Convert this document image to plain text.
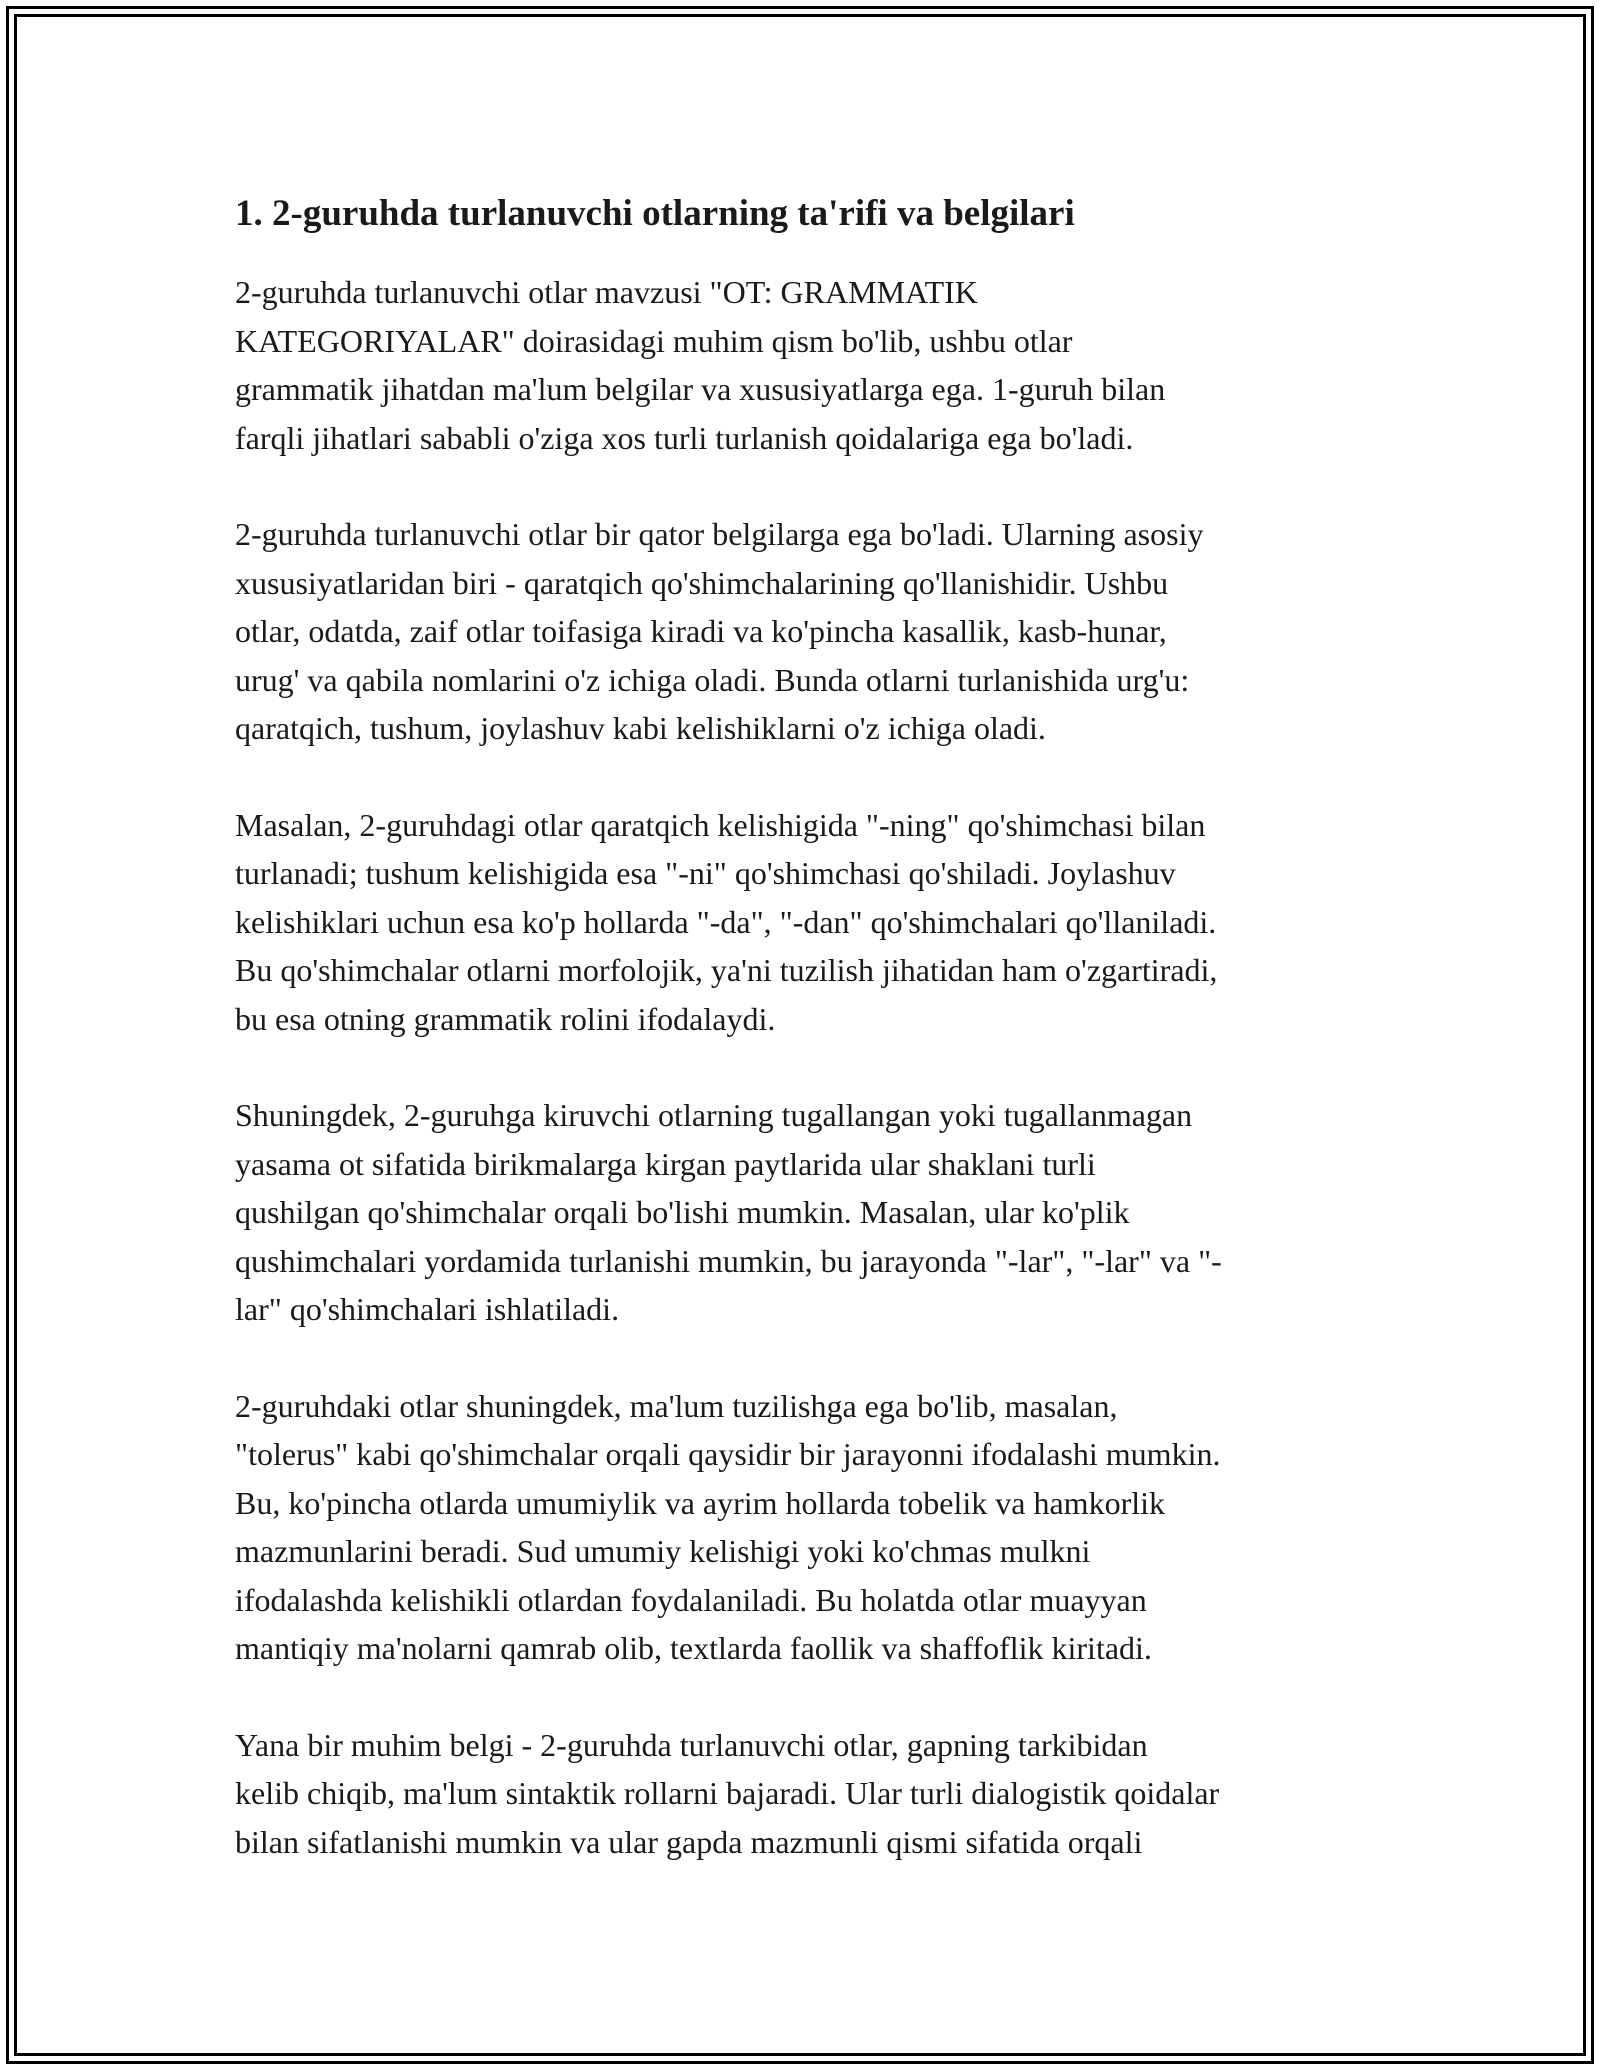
1. 2-guruhda turlanuvchi otlarning ta'rifi va belgilari

2-guruhda turlanuvchi otlar mavzusi "OT: GRAMMATIK
KATEGORIYALAR" doirasidagi muhim qism bo'lib, ushbu otlar
grammatik jihatdan ma'lum belgilar va xususiyatlarga ega. 1-guruh bilan
farqli jihatlari sababli o'ziga xos turli turlanish qoidalariga ega bo'ladi.

2-guruhda turlanuvchi otlar bir qator belgilarga ega bo'ladi. Ularning asosiy
xususiyatlaridan biri - qaratqich qo'shimchalarining qo'llanishidir. Ushbu
otlar, odatda, zaif otlar toifasiga kiradi va ko'pincha kasallik, kasb-hunar,
urug' va qabila nomlarini o'z ichiga oladi. Bunda otlarni turlanishida urg'u:
qaratqich, tushum, joylashuv kabi kelishiklarni o'z ichiga oladi.

Masalan, 2-guruhdagi otlar qaratqich kelishigida "-ning" qo'shimchasi bilan
turlanadi; tushum kelishigida esa "-ni" qo'shimchasi qo'shiladi. Joylashuv
kelishiklari uchun esa ko'p hollarda "-da", "-dan" qo'shimchalari qo'llaniladi.
Bu qo'shimchalar otlarni morfolojik, ya'ni tuzilish jihatidan ham o'zgartiradi,
bu esa otning grammatik rolini ifodalaydi.

Shuningdek, 2-guruhga kiruvchi otlarning tugallangan yoki tugallanmagan
yasama ot sifatida birikmalarga kirgan paytlarida ular shaklani turli
qushilgan qo'shimchalar orqali bo'lishi mumkin. Masalan, ular ko'plik
qushimchalari yordamida turlanishi mumkin, bu jarayonda "-lar", "-lar" va "-
lar" qo'shimchalari ishlatiladi.

2-guruhdaki otlar shuningdek, ma'lum tuzilishga ega bo'lib, masalan,
"tolerus" kabi qo'shimchalar orqali qaysidir bir jarayonni ifodalashi mumkin.
Bu, ko'pincha otlarda umumiylik va ayrim hollarda tobelik va hamkorlik
mazmunlarini beradi. Sud umumiy kelishigi yoki ko'chmas mulkni
ifodalashda kelishikli otlardan foydalaniladi. Bu holatda otlar muayyan
mantiqiy ma'nolarni qamrab olib, textlarda faollik va shaffoflik kiritadi.

Yana bir muhim belgi - 2-guruhda turlanuvchi otlar, gapning tarkibidan
kelib chiqib, ma'lum sintaktik rollarni bajaradi. Ular turli dialogistik qoidalar
bilan sifatlanishi mumkin va ular gapda mazmunli qismi sifatida orqali
